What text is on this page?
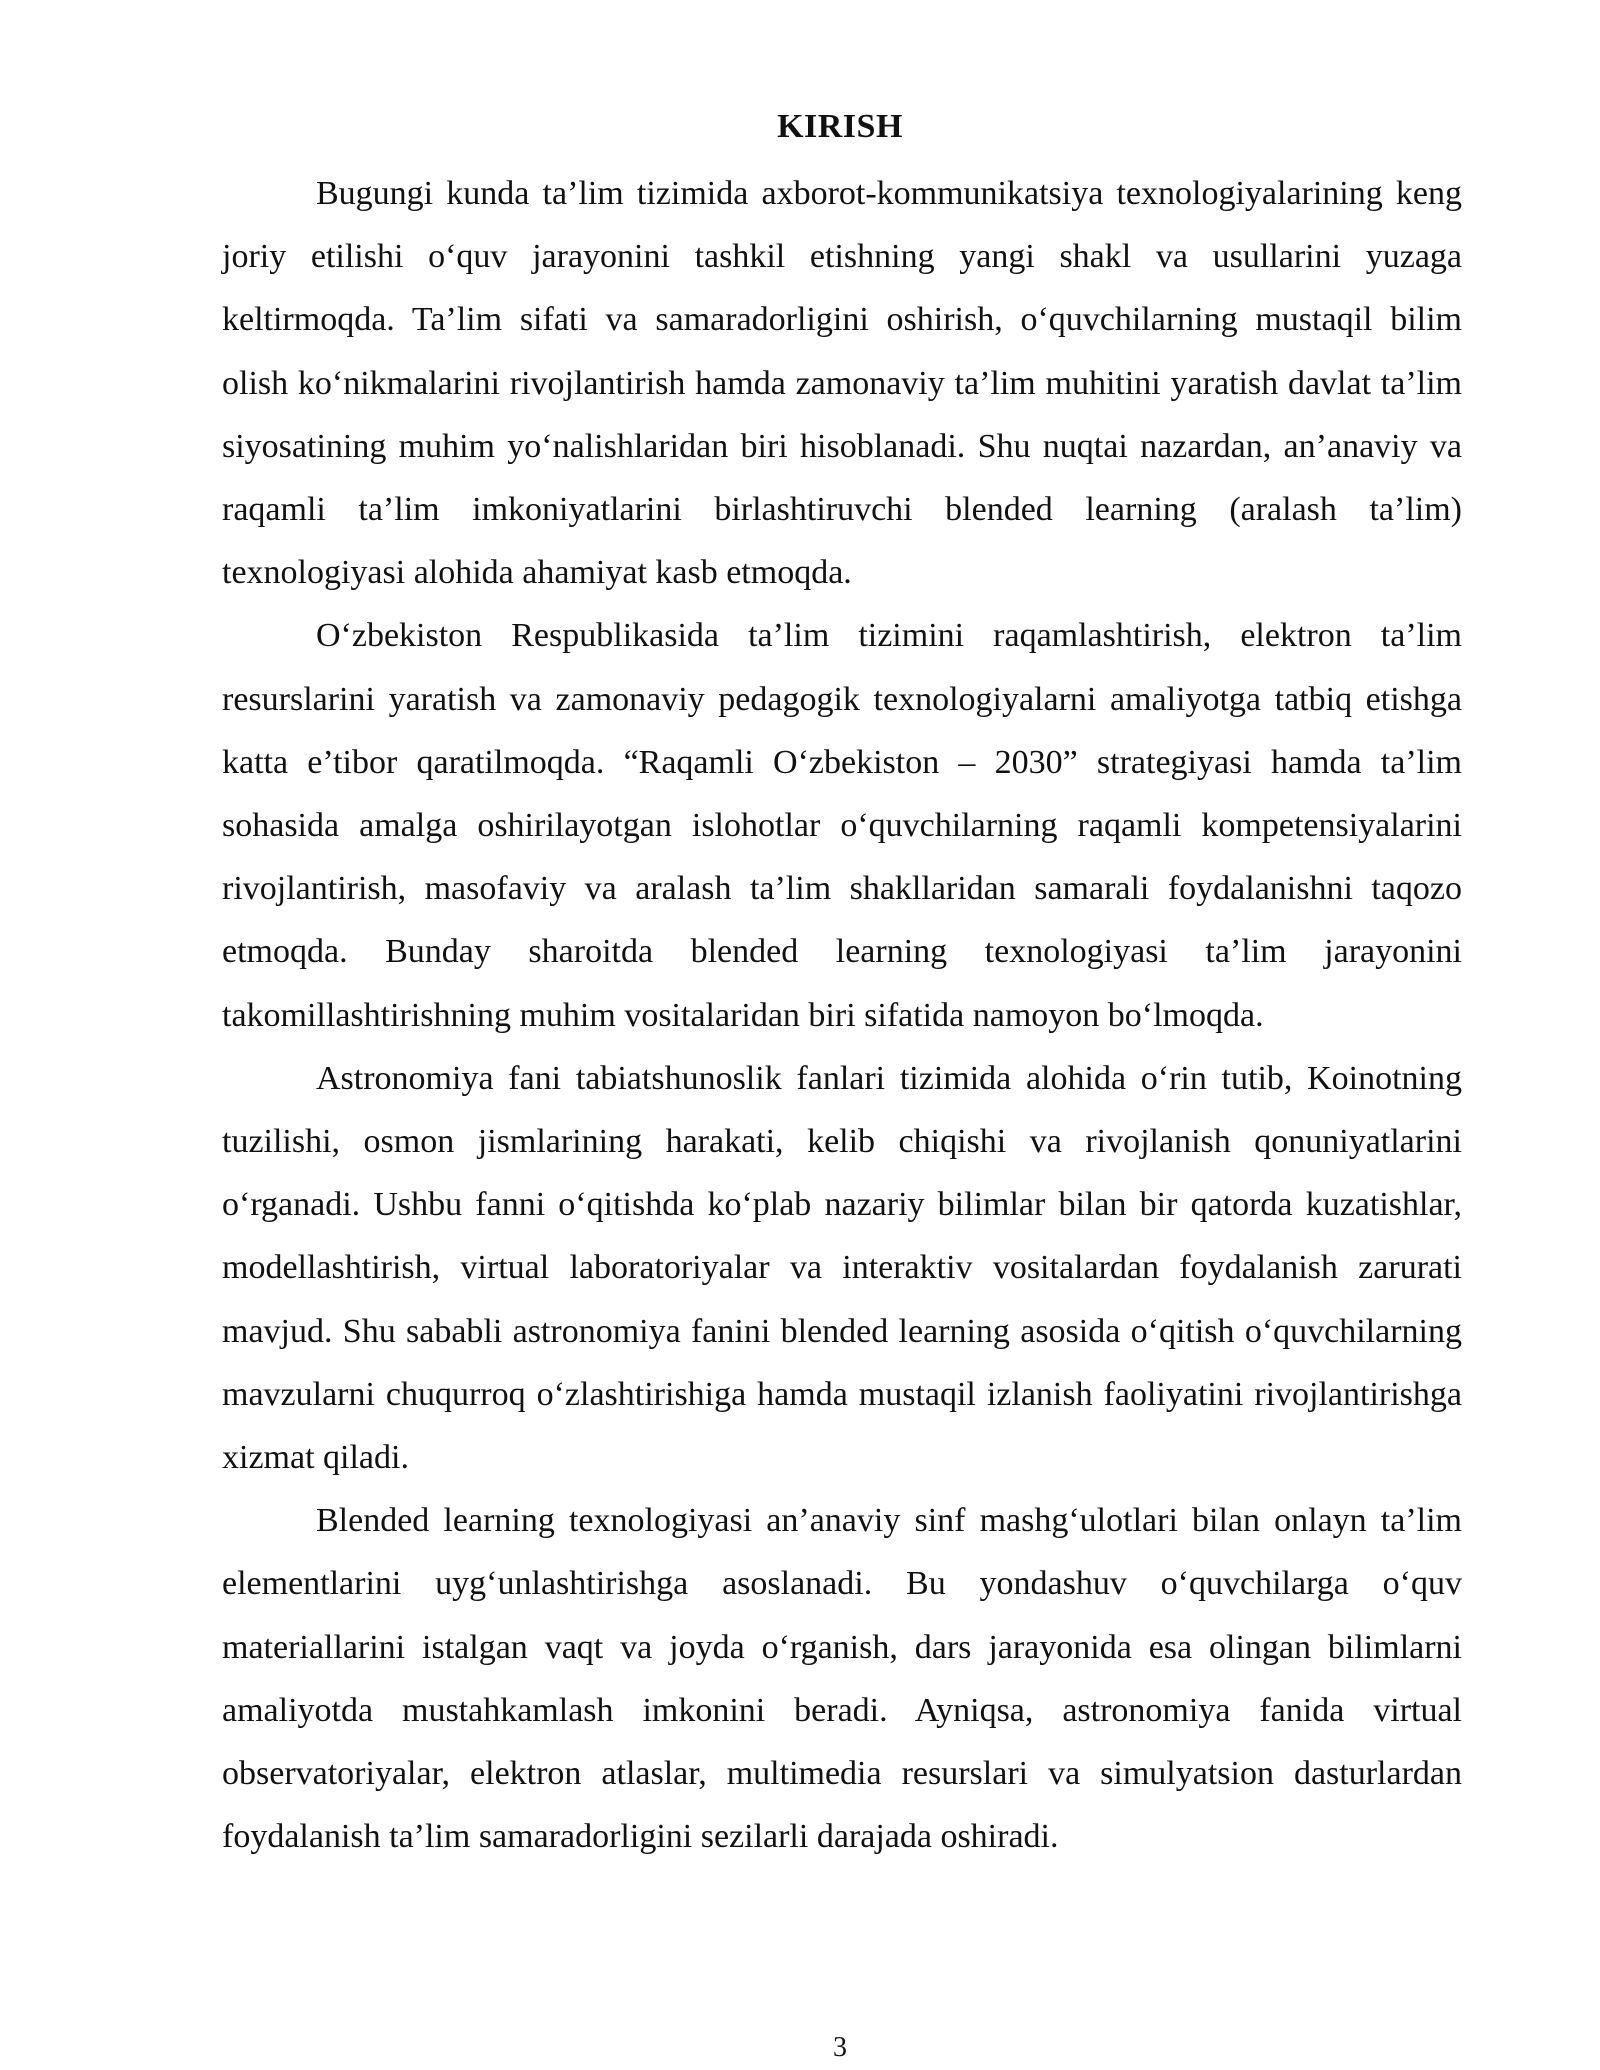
KIRISH

Bugungi kunda ta’lim tizimida axborot-kommunikatsiya texnologiyalarining keng joriy etilishi o‘quv jarayonini tashkil etishning yangi shakl va usullarini yuzaga keltirmoqda. Ta’lim sifati va samaradorligini oshirish, o‘quvchilarning mustaqil bilim olish ko‘nikmalarini rivojlantirish hamda zamonaviy ta’lim muhitini yaratish davlat ta’lim siyosatining muhim yo‘nalishlaridan biri hisoblanadi. Shu nuqtai nazardan, an’anaviy va raqamli ta’lim imkoniyatlarini birlashtiruvchi blended learning (aralash ta’lim) texnologiyasi alohida ahamiyat kasb etmoqda.

O‘zbekiston Respublikasida ta’lim tizimini raqamlashtirish, elektron ta’lim resurslarini yaratish va zamonaviy pedagogik texnologiyalarni amaliyotga tatbiq etishga katta e’tibor qaratilmoqda. “Raqamli O‘zbekiston – 2030” strategiyasi hamda ta’lim sohasida amalga oshirilayotgan islohotlar o‘quvchilarning raqamli kompetensiyalarini rivojlantirish, masofaviy va aralash ta’lim shakllaridan samarali foydalanishni taqozo etmoqda. Bunday sharoitda blended learning texnologiyasi ta’lim jarayonini takomillashtirishning muhim vositalaridan biri sifatida namoyon bo‘lmoqda.

Astronomiya fani tabiatshunoslik fanlari tizimida alohida o‘rin tutib, Koinotning tuzilishi, osmon jismlarining harakati, kelib chiqishi va rivojlanish qonuniyatlarini o‘rganadi. Ushbu fanni o‘qitishda ko‘plab nazariy bilimlar bilan bir qatorda kuzatishlar, modellashtirish, virtual laboratoriyalar va interaktiv vositalardan foydalanish zarurati mavjud. Shu sababli astronomiya fanini blended learning asosida o‘qitish o‘quvchilarning mavzularni chuqurroq o‘zlashtirishiga hamda mustaqil izlanish faoliyatini rivojlantirishga xizmat qiladi.

Blended learning texnologiyasi an’anaviy sinf mashg‘ulotlari bilan onlayn ta’lim elementlarini uyg‘unlashtirishga asoslanadi. Bu yondashuv o‘quvchilarga o‘quv materiallarini istalgan vaqt va joyda o‘rganish, dars jarayonida esa olingan bilimlarni amaliyotda mustahkamlash imkonini beradi. Ayniqsa, astronomiya fanida virtual observatoriyalar, elektron atlaslar, multimedia resurslari va simulyatsion dasturlardan foydalanish ta’lim samaradorligini sezilarli darajada oshiradi.

3
